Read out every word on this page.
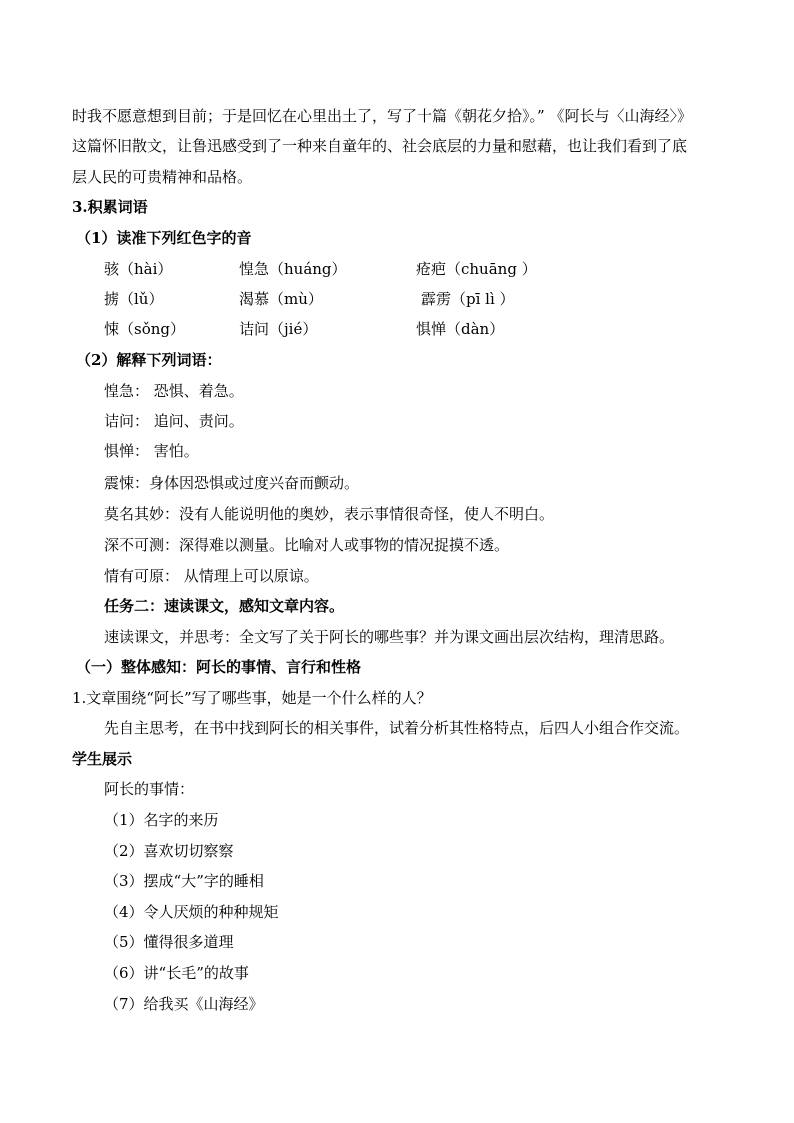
时我不愿意想到目前；于是回忆在心里出土了，写了十篇《朝花夕拾》。” 《阿长与〈山海经〉》
这篇怀旧散文，让鲁迅感受到了一种来自童年的、社会底层的力量和慰藉，也让我们看到了底
层人民的可贵精神和品格。
3.积累词语
（1）读准下列红色字的音
骇（hài）	惶急（huáng）	疮疤（chuāng ）
掳（lǔ）	渴慕（mù）	霹雳（pī lì ）
悚（sǒng）	诘问（jié）	惧惮（dàn）
（2）解释下列词语：
惶急： 恐惧、着急。
诘问： 追问、责问。
惧惮： 害怕。
震悚：身体因恐惧或过度兴奋而颤动。
莫名其妙：没有人能说明他的奥妙，表示事情很奇怪，使人不明白。
深不可测：深得难以测量。比喻对人或事物的情况捉摸不透。
情有可原： 从情理上可以原谅。
任务二：速读课文，感知文章内容。
速读课文，并思考：全文写了关于阿长的哪些事？并为课文画出层次结构，理清思路。
（一）整体感知：阿长的事情、言行和性格
1.文章围绕“阿长”写了哪些事，她是一个什么样的人？
先自主思考，在书中找到阿长的相关事件，试着分析其性格特点，后四人小组合作交流。
学生展示
阿长的事情：
（1）名字的来历
（2）喜欢切切察察
（3）摆成“大”字的睡相
（4）令人厌烦的种种规矩
（5）懂得很多道理
（6）讲“长毛”的故事
（7）给我买《山海经》
